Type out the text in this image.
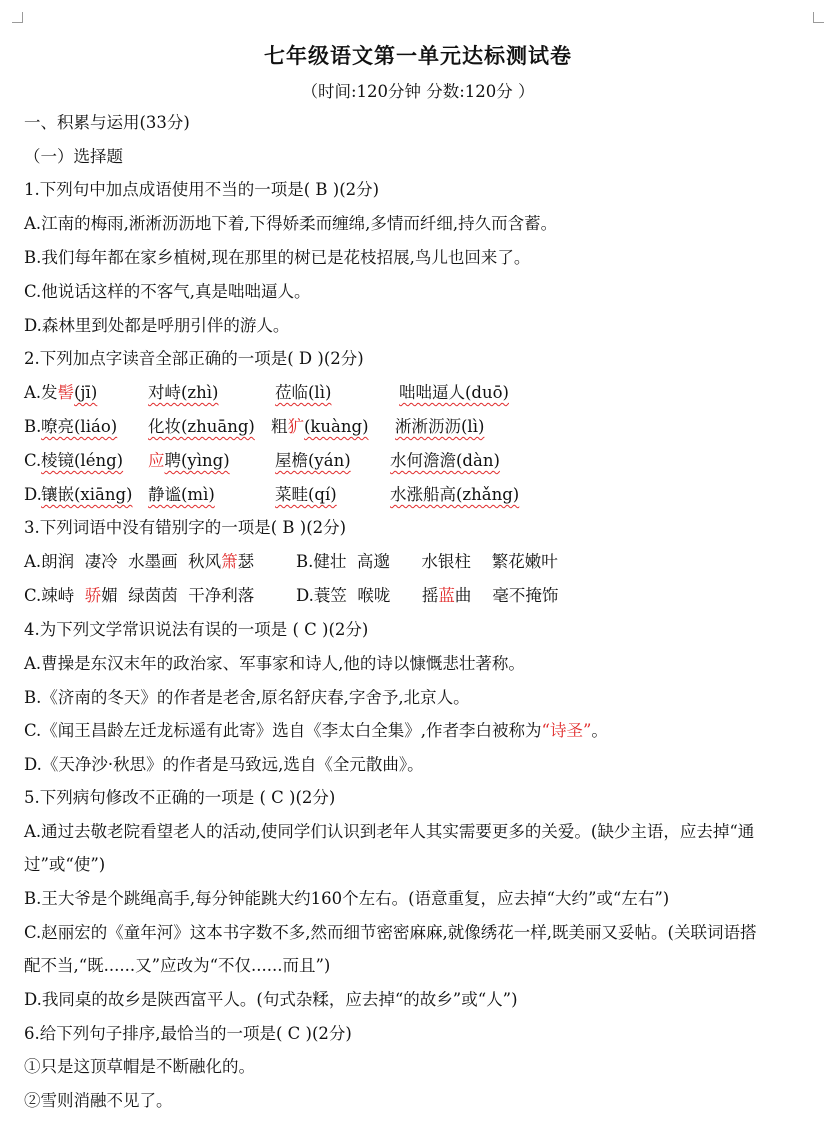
七年级语文第一单元达标测试卷
（时间:120分钟 分数:120分 ）
一、积累与运用(33分)
（一）选择题
1.下列句中加点成语使用不当的一项是( B )(2分)
A.江南的梅雨,淅淅沥沥地下着,下得娇柔而缠绵,多情而纤细,持久而含蓄。
B.我们每年都在家乡植树,现在那里的树已是花枝招展,鸟儿也回来了。
C.他说话这样的不客气,真是咄咄逼人。
D.森林里到处都是呼朋引伴的游人。
2.下列加点字读音全部正确的一项是( D )(2分)
A. 发髻(jī)	对峙(zhì)	莅临(lì)	咄咄逼人(duō)
B. 嘹亮(liáo) 化妆(zhuāng) 粗犷(kuàng) 淅淅沥沥(lì)
C. 棱镜(léng) 应聘(yìng)	屋檐(yán) 水何澹澹(dàn)
D. 镶嵌(xiāng) 静谧(mì)	菜畦(qí)	水涨船高(zhǎng)
3.下列词语中没有错别字的一项是( B )(2分)
A.朗润  凄冷  水墨画  秋风箫瑟	B.健壮  高邈      水银柱    繁花嫩叶
C.竦峙  骄媚  绿茵茵  干净利落	D.蓑笠  喉咙      摇蓝曲    毫不掩饰
4.为下列文学常识说法有误的一项是 ( C )(2分)
A.曹操是东汉末年的政治家、军事家和诗人,他的诗以慷慨悲壮著称。
B.《济南的冬天》的作者是老舍,原名舒庆春,字舍予,北京人。
C.《闻王昌龄左迁龙标遥有此寄》选自《李太白全集》,作者李白被称为“诗圣”。
D.《天净沙·秋思》的作者是马致远,选自《全元散曲》。
5.下列病句修改不正确的一项是 ( C )(2分)
A.通过去敬老院看望老人的活动,使同学们认识到老年人其实需要更多的关爱。(缺少主语，应去掉“通
过”或“使”)
B.王大爷是个跳绳高手,每分钟能跳大约160个左右。(语意重复，应去掉“大约”或“左右”)
C.赵丽宏的《童年河》这本书字数不多,然而细节密密麻麻,就像绣花一样,既美丽又妥帖。(关联词语搭
配不当,“既......又”应改为“不仅......而且”)
D.我同桌的故乡是陕西富平人。(句式杂糅，应去掉“的故乡”或“人”)
6.给下列句子排序,最恰当的一项是( C )(2分)
①只是这顶草帽是不断融化的。
②雪则消融不见了。
